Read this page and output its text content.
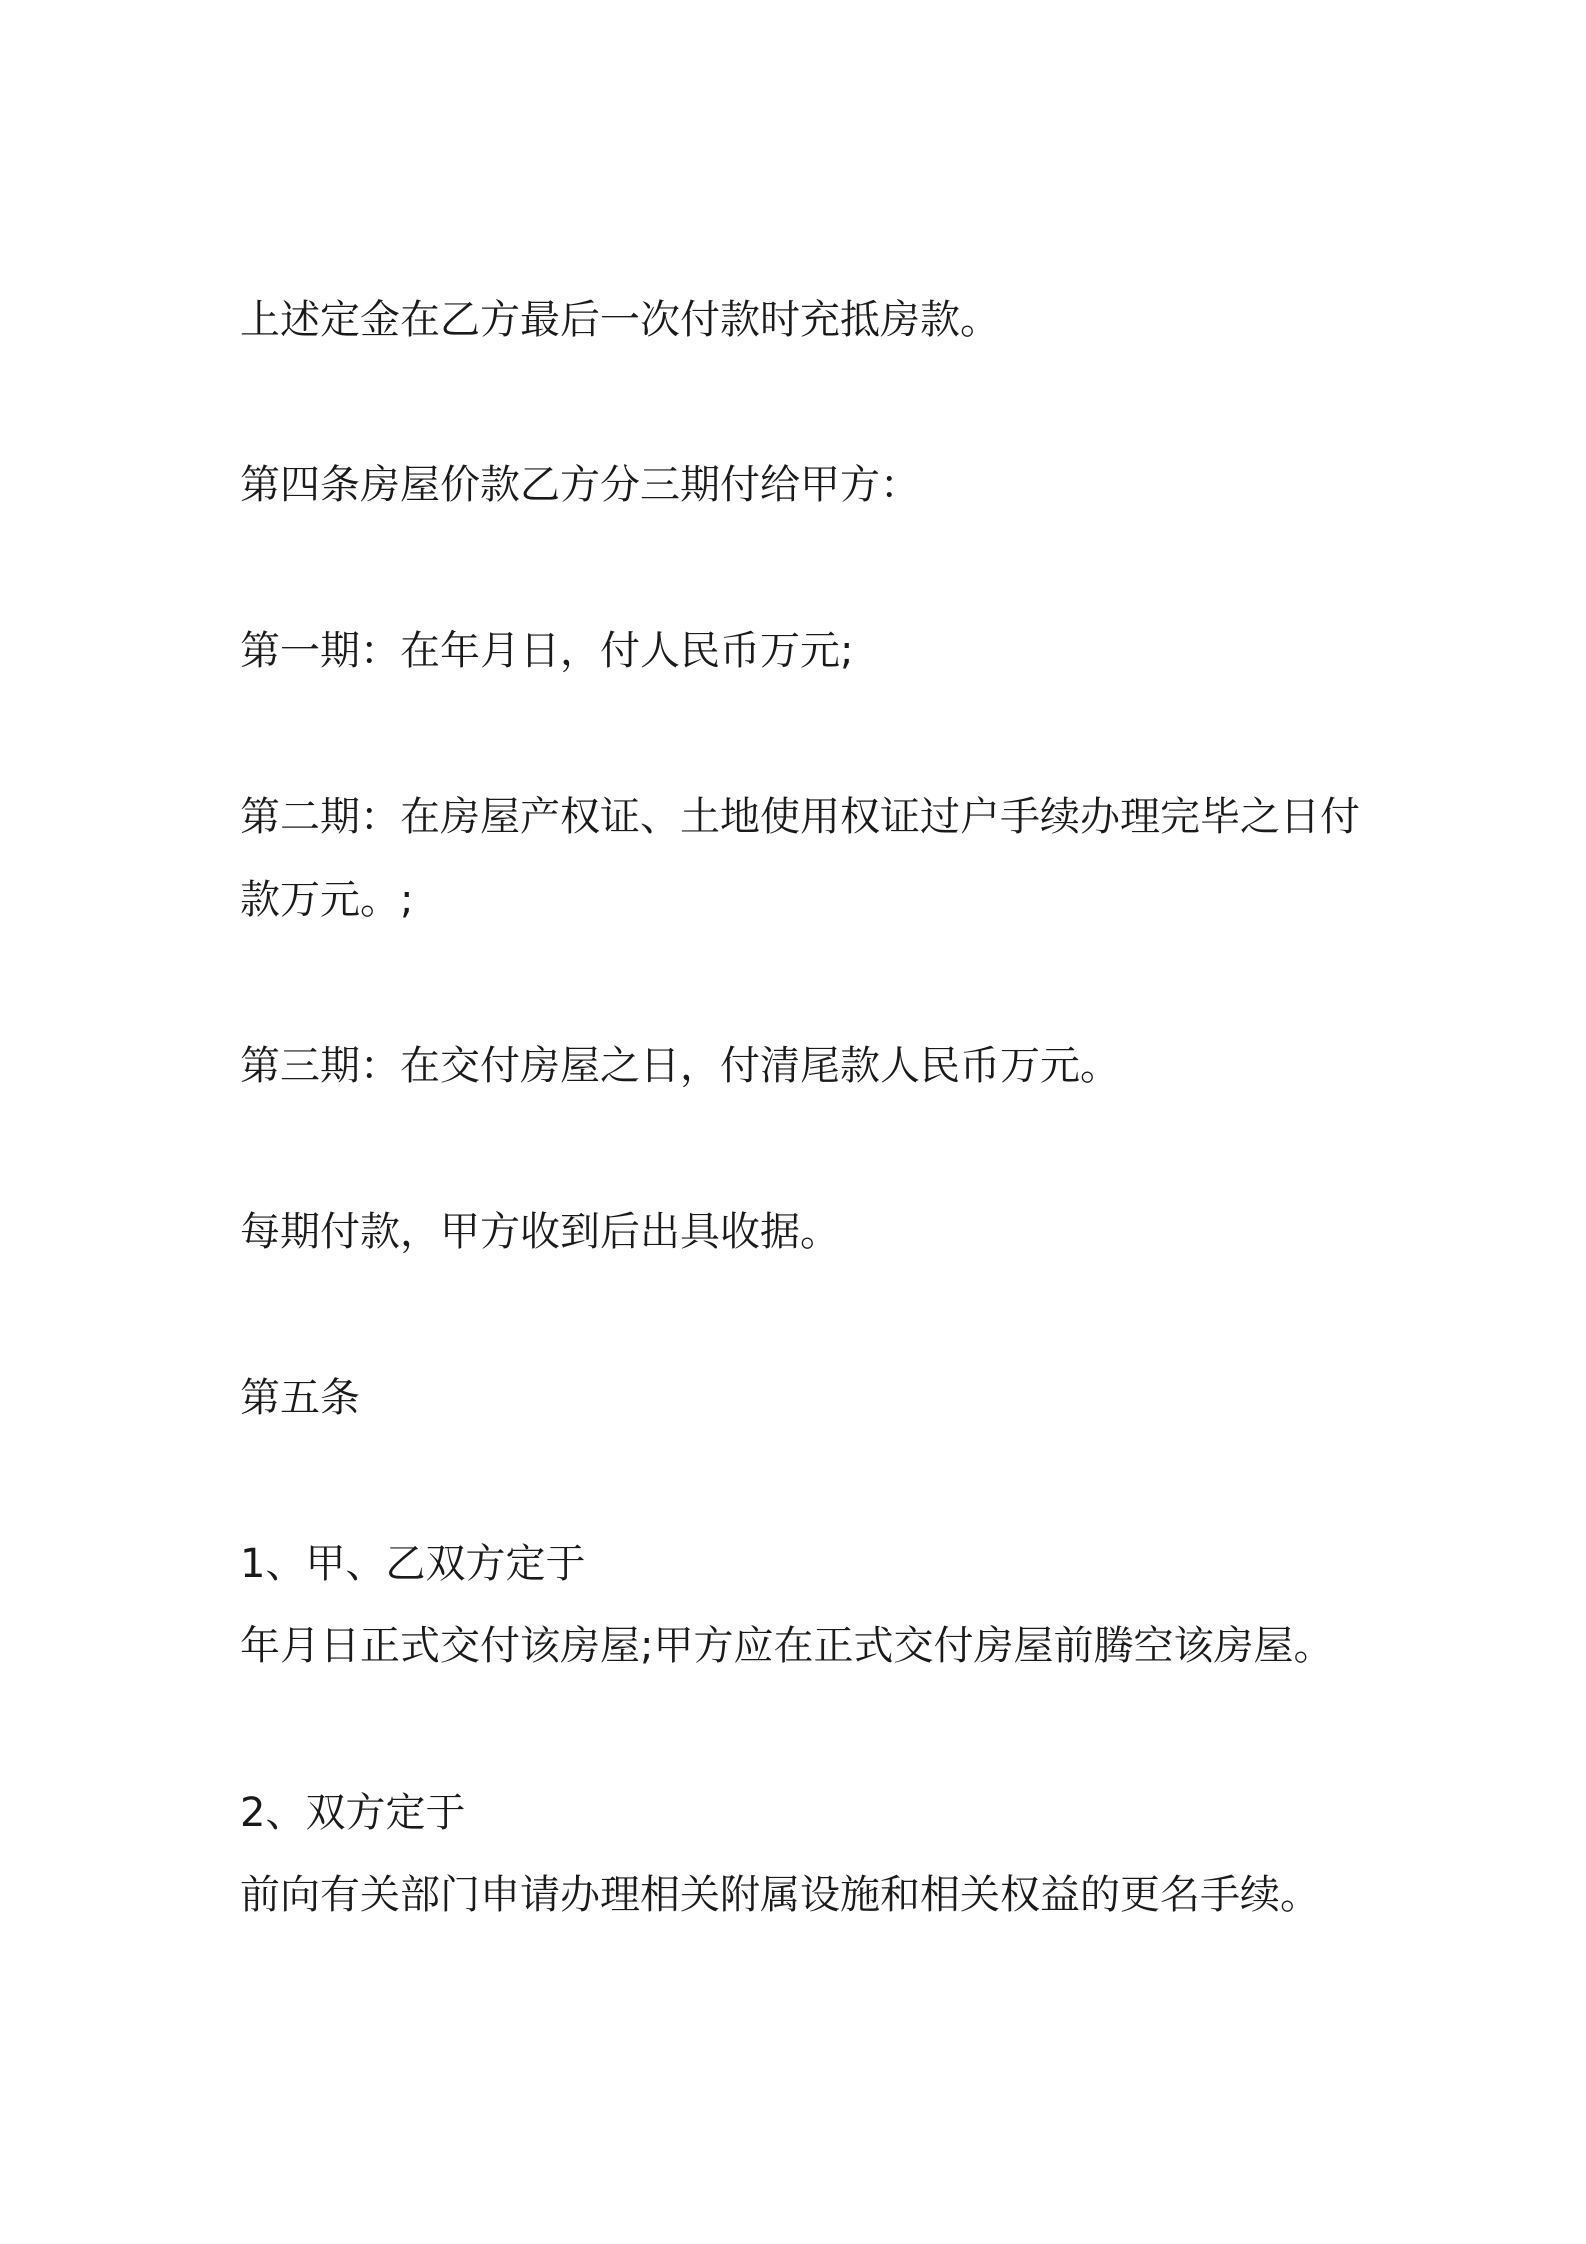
上述定金在乙方最后一次付款时充抵房款。

第四条房屋价款乙方分三期付给甲方：

第一期：在年月日，付人民币万元;

第二期：在房屋产权证、土地使用权证过户手续办理完毕之日付

款万元。;

第三期：在交付房屋之日，付清尾款人民币万元。

每期付款，甲方收到后出具收据。

第五条

1、甲、乙双方定于

年月日正式交付该房屋;甲方应在正式交付房屋前腾空该房屋。

2、双方定于

前向有关部门申请办理相关附属设施和相关权益的更名手续。
